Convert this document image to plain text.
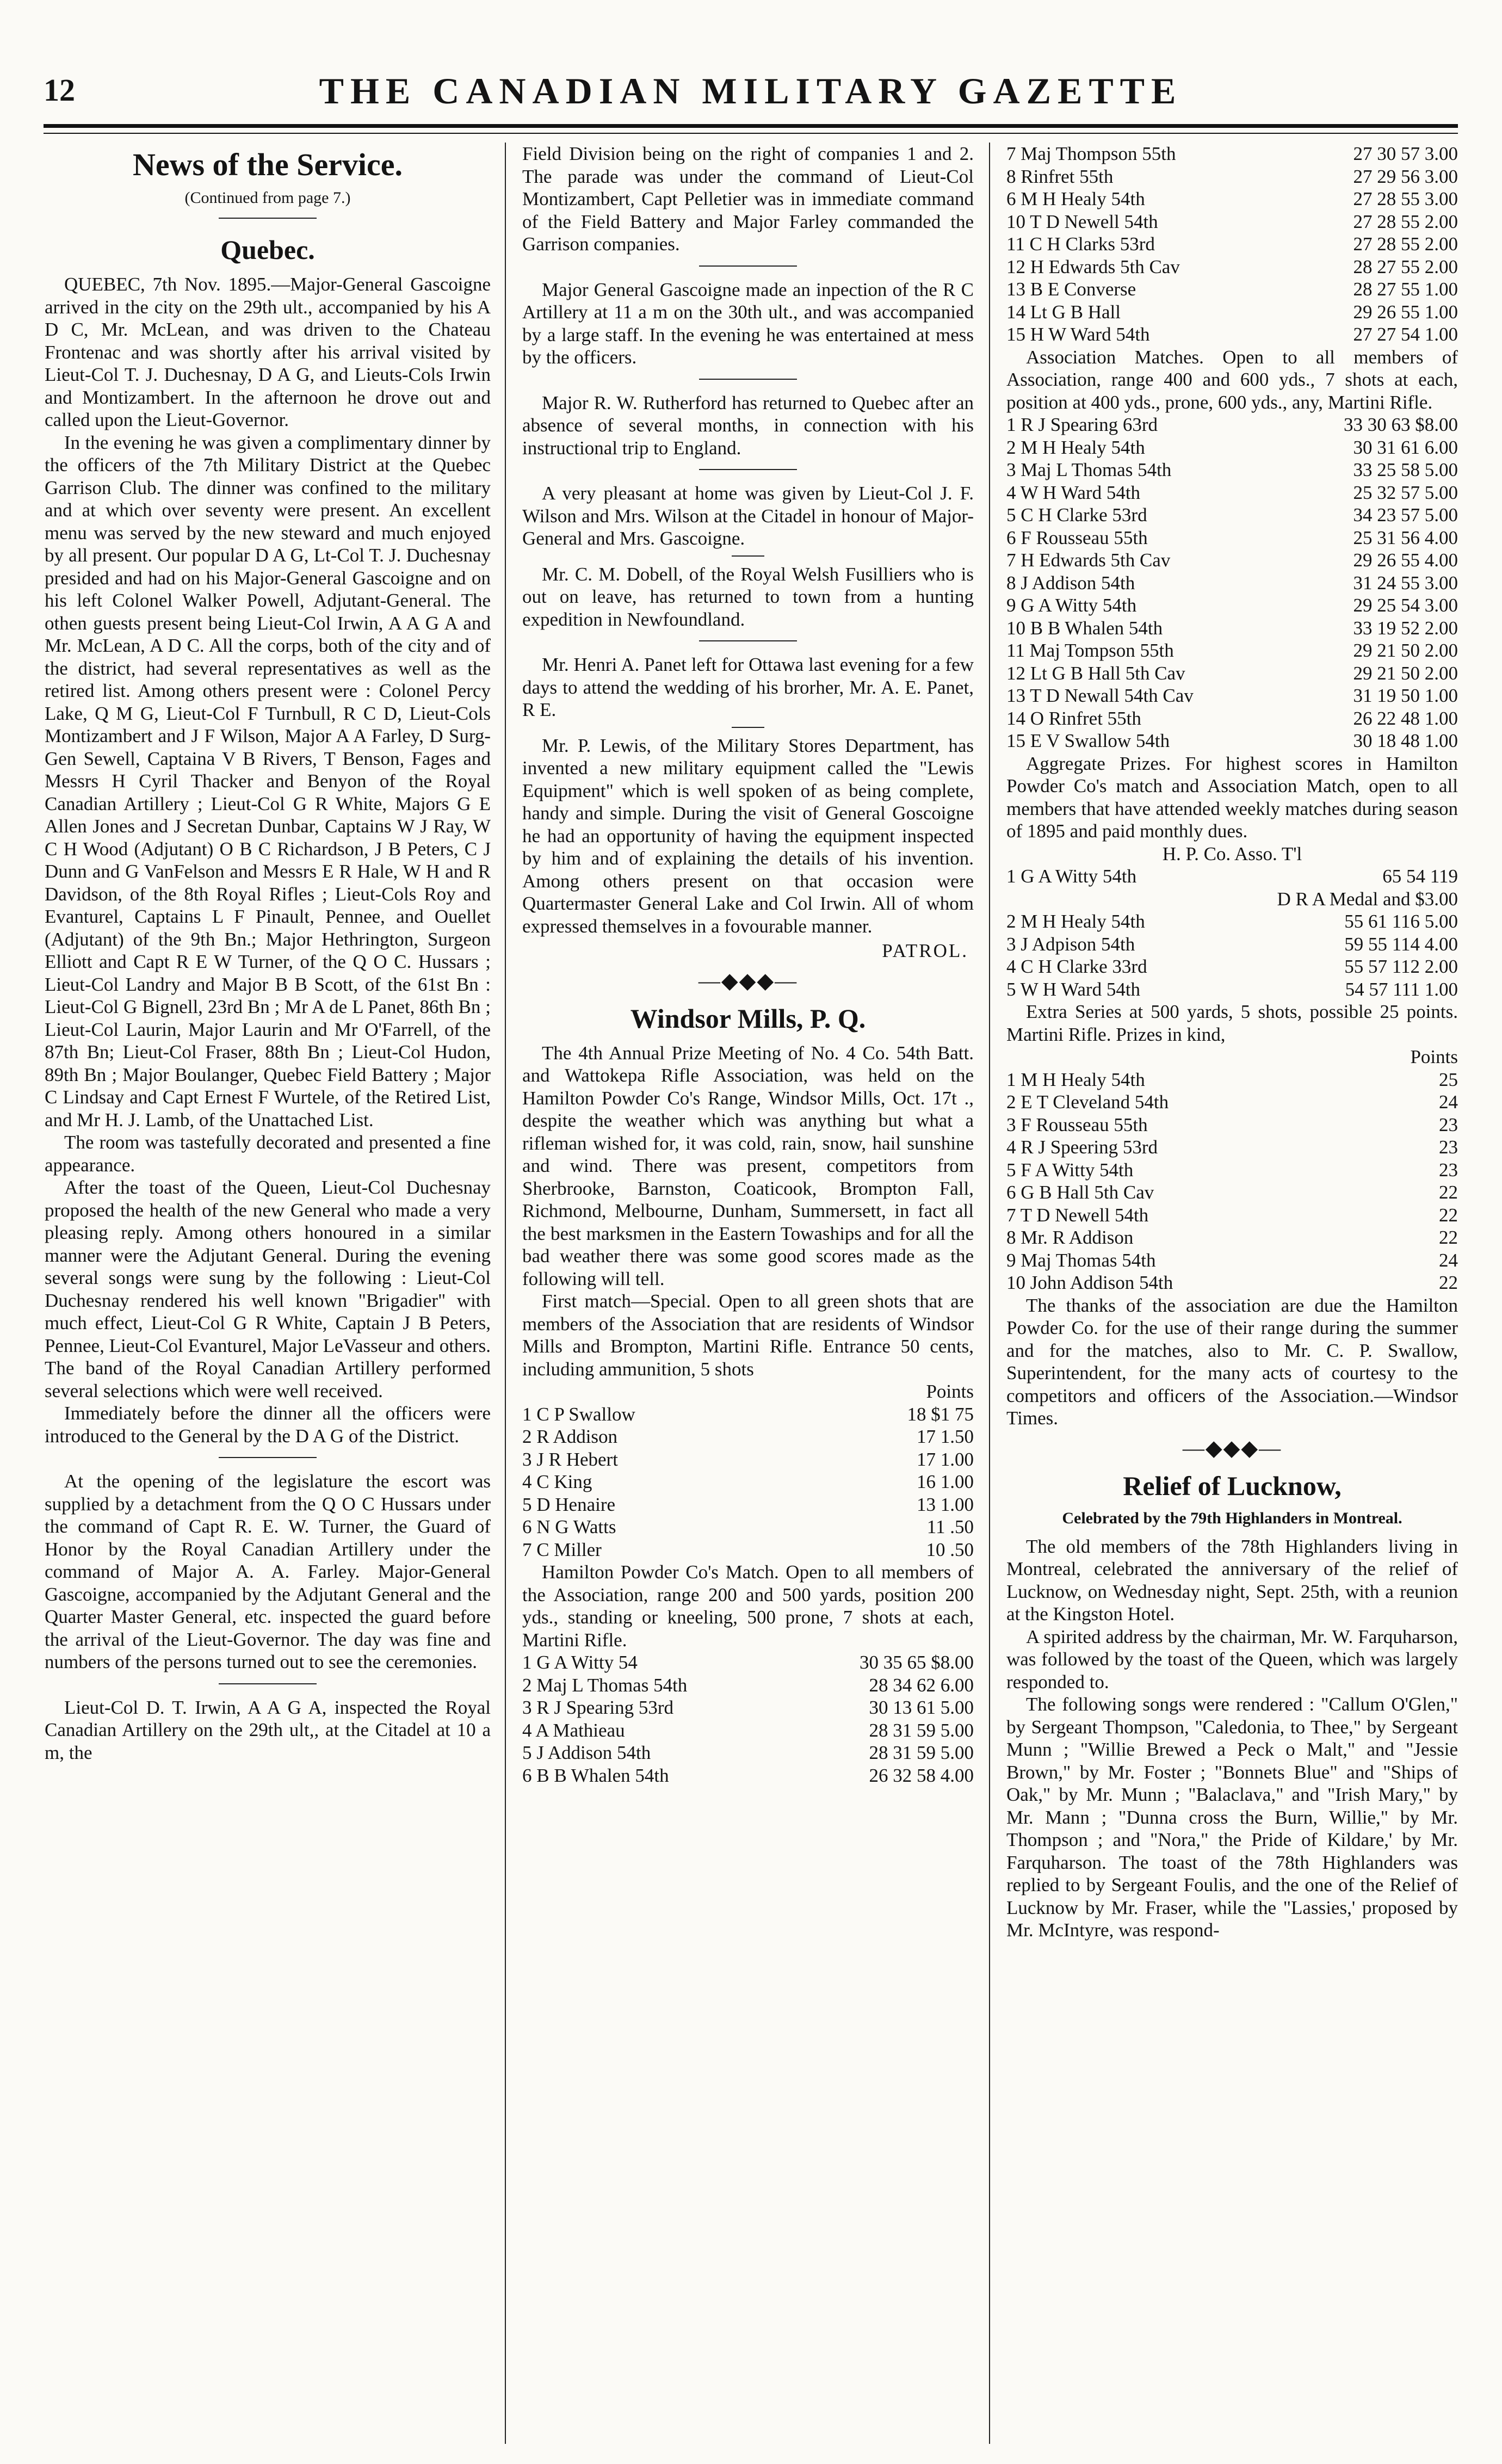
12	THE CANADIAN MILITARY GAZETTE
News of the Service.
(Continued from page 7.)
Quebec.

QUEBEC, 7th Nov. 1895.—Major-General Gascoigne arrived in the city on the 29th ult., accompanied by his A D C, Mr. McLean, and was driven to the Chateau Frontenac and was shortly after his arrival visited by Lieut-Col T. J. Duchesnay, D A G, and Lieuts-Cols Irwin and Montizambert. In the afternoon he drove out and called upon the Lieut-Governor.

In the evening he was given a complimentary dinner by the officers of the 7th Military District at the Quebec Garrison Club. The dinner was confined to the military and at which over seventy were present. An excellent menu was served by the new steward and much enjoyed by all present. Our popular D A G, Lt-Col T. J. Duchesnay presided and had on his Major-General Gascoigne and on his left Colonel Walker Powell, Adjutant-General. The othen guests present being Lieut-Col Irwin, A A G A and Mr. McLean, A D C. All the corps, both of the city and of the district, had several representatives as well as the retired list. Among others present were : Colonel Percy Lake, Q M G, Lieut-Col F Turnbull, R C D, Lieut-Cols Montizambert and J F Wilson, Major A A Farley, D Surg-Gen Sewell, Captaina V B Rivers, T Benson, Fages and Messrs H Cyril Thacker and Benyon of the Royal Canadian Artillery ; Lieut-Col G R White, Majors G E Allen Jones and J Secretan Dunbar, Captains W J Ray, W C H Wood (Adjutant) O B C Richardson, J B Peters, C J Dunn and G VanFelson and Messrs E R Hale, W H and R Davidson, of the 8th Royal Rifles ; Lieut-Cols Roy and Evanturel, Captains L F Pinault, Pennee, and Ouellet (Adjutant) of the 9th Bn.; Major Hethrington, Surgeon Elliott and Capt R E W Turner, of the Q O C. Hussars ; Lieut-Col Landry and Major B B Scott, of the 61st Bn : Lieut-Col G Bignell, 23rd Bn ; Mr A de L Panet, 86th Bn ; Lieut-Col Laurin, Major Laurin and Mr O'Farrell, of the 87th Bn; Lieut-Col Fraser, 88th Bn ; Lieut-Col Hudon, 89th Bn ; Major Boulanger, Quebec Field Battery ; Major C Lindsay and Capt Ernest F Wurtele, of the Retired List, and Mr H. J. Lamb, of the Unattached List.

The room was tastefully decorated and presented a fine appearance.

After the toast of the Queen, Lieut-Col Duchesnay proposed the health of the new General who made a very pleasing reply. Among others honoured in a similar manner were the Adjutant General. During the evening several songs were sung by the following : Lieut-Col Duchesnay rendered his well known "Brigadier" with much effect, Lieut-Col G R White, Captain J B Peters, Pennee, Lieut-Col Evanturel, Major LeVasseur and others. The band of the Royal Canadian Artillery performed several selections which were well received.

Immediately before the dinner all the officers were introduced to the General by the D A G of the District.

At the opening of the legislature the escort was supplied by a detachment from the Q O C Hussars under the command of Capt R. E. W. Turner, the Guard of Honor by the Royal Canadian Artillery under the command of Major A. A. Farley. Major-General Gascoigne, accompanied by the Adjutant General and the Quarter Master General, etc. inspected the guard before the arrival of the Lieut-Governor. The day was fine and numbers of the persons turned out to see the ceremonies.

Lieut-Col D. T. Irwin, A A G A, inspected the Royal Canadian Artillery on the 29th ult,, at the Citadel at 10 a m, the

Field Division being on the right of companies 1 and 2. The parade was under the command of Lieut-Col Montizambert, Capt Pelletier was in immediate command of the Field Battery and Major Farley commanded the Garrison companies.

Major General Gascoigne made an inpection of the R C Artillery at 11 a m on the 30th ult., and was accompanied by a large staff. In the evening he was entertained at mess by the officers.

Major R. W. Rutherford has returned to Quebec after an absence of several months, in connection with his instructional trip to England.

A very pleasant at home was given by Lieut-Col J. F. Wilson and Mrs. Wilson at the Citadel in honour of Major-General and Mrs. Gascoigne.

Mr. C. M. Dobell, of the Royal Welsh Fusilliers who is out on leave, has returned to town from a hunting expedition in Newfoundland.

Mr. Henri A. Panet left for Ottawa last evening for a few days to attend the wedding of his brorher, Mr. A. E. Panet, R E.

Mr. P. Lewis, of the Military Stores Department, has invented a new military equipment called the "Lewis Equipment" which is well spoken of as being complete, handy and simple. During the visit of General Goscoigne he had an opportunity of having the equipment inspected by him and of explaining the details of his invention. Among others present on that occasion were Quartermaster General Lake and Col Irwin. All of whom expressed themselves in a fovourable manner.

PATROL.
—◆◆◆—
Windsor Mills, P. Q.

The 4th Annual Prize Meeting of No. 4 Co. 54th Batt. and Wattokepa Rifle Association, was held on the Hamilton Powder Co's Range, Windsor Mills, Oct. 17t ., despite the weather which was anything but what a rifleman wished for, it was cold, rain, snow, hail sunshine and wind. There was present, competitors from Sherbrooke, Barnston, Coaticook, Brompton Fall, Richmond, Melbourne, Dunham, Summersett, in fact all the best marksmen in the Eastern Towaships and for all the bad weather there was some good scores made as the following will tell.

First match—Special. Open to all green shots that are members of the Association that are residents of Windsor Mills and Brompton, Martini Rifle. Entrance 50 cents, including ammunition, 5 shots

Points
1 C P Swallow	18 $1 75
2 R Addison	17 1.50
3 J R Hebert	17 1.00
4 C King	16 1.00
5 D Henaire	13 1.00
6 N G Watts	11 .50
7 C Miller	10 .50

Hamilton Powder Co's Match. Open to all members of the Association, range 200 and 500 yards, position 200 yds., standing or kneeling, 500 prone, 7 shots at each, Martini Rifle.

1 G A Witty 54	30 35 65 $8.00
2 Maj L Thomas 54th	28 34 62 6.00
3 R J Spearing 53rd	30 13 61 5.00
4 A Mathieau	28 31 59 5.00
5 J Addison 54th	28 31 59 5.00
6 B B Whalen 54th	26 32 58 4.00
7 Maj Thompson 55th	27 30 57 3.00
8 Rinfret 55th	27 29 56 3.00
6 M H Healy 54th	27 28 55 3.00
10 T D Newell 54th	27 28 55 2.00
11 C H Clarks 53rd	27 28 55 2.00
12 H Edwards 5th Cav	28 27 55 2.00
13 B E Converse	28 27 55 1.00
14 Lt G B Hall	29 26 55 1.00
15 H W Ward 54th	27 27 54 1.00

Association Matches. Open to all members of Association, range 400 and 600 yds., 7 shots at each, position at 400 yds., prone, 600 yds., any, Martini Rifle.

1 R J Spearing 63rd	33 30 63 $8.00
2 M H Healy 54th	30 31 61 6.00
3 Maj L Thomas 54th	33 25 58 5.00
4 W H Ward 54th	25 32 57 5.00
5 C H Clarke 53rd	34 23 57 5.00
6 F Rousseau 55th	25 31 56 4.00
7 H Edwards 5th Cav	29 26 55 4.00
8 J Addison 54th	31 24 55 3.00
9 G A Witty 54th	29 25 54 3.00
10 B B Whalen 54th	33 19 52 2.00
11 Maj Tompson 55th	29 21 50 2.00
12 Lt G B Hall 5th Cav	29 21 50 2.00
13 T D Newall 54th Cav	31 19 50 1.00
14 O Rinfret 55th	26 22 48 1.00
15 E V Swallow 54th	30 18 48 1.00

Aggregate Prizes. For highest scores in Hamilton Powder Co's match and Association Match, open to all members that have attended weekly matches during season of 1895 and paid monthly dues.

H. P. Co. Asso. T'l
1 G A Witty 54th	65 54 119
D R A Medal and $3.00
2 M H Healy 54th	55 61 116 5.00
3 J Adpison 54th	59 55 114 4.00
4 C H Clarke 33rd	55 57 112 2.00
5 W H Ward 54th	54 57 111 1.00

Extra Series at 500 yards, 5 shots, possible 25 points. Martini Rifle. Prizes in kind,

Points
1 M H Healy 54th	25
2 E T Cleveland 54th	24
3 F Rousseau 55th	23
4 R J Speering 53rd	23
5 F A Witty 54th	23
6 G B Hall 5th Cav	22
7 T D Newell 54th	22
8 Mr. R Addison	22
9 Maj Thomas 54th	24
10 John Addison 54th	22

The thanks of the association are due the Hamilton Powder Co. for the use of their range during the summer and for the matches, also to Mr. C. P. Swallow, Superintendent, for the many acts of courtesy to the competitors and officers of the Association.—Windsor Times.

—◆◆◆—
Relief of Lucknow,
Celebrated by the 79th Highlanders in Montreal.

The old members of the 78th Highlanders living in Montreal, celebrated the anniversary of the relief of Lucknow, on Wednesday night, Sept. 25th, with a reunion at the Kingston Hotel.

A spirited address by the chairman, Mr. W. Farquharson, was followed by the toast of the Queen, which was largely responded to.

The following songs were rendered : "Callum O'Glen," by Sergeant Thompson, "Caledonia, to Thee," by Sergeant Munn ; "Willie Brewed a Peck o Malt," and "Jessie Brown," by Mr. Foster ; "Bonnets Blue" and "Ships of Oak," by Mr. Munn ; "Balaclava," and "Irish Mary," by Mr. Mann ; "Dunna cross the Burn, Willie," by Mr. Thompson ; and "Nora," the Pride of Kildare,' by Mr. Farquharson. The toast of the 78th Highlanders was replied to by Sergeant Foulis, and the one of the Relief of Lucknow by Mr. Fraser, while the "Lassies,' proposed by Mr. McIntyre, was respond-
